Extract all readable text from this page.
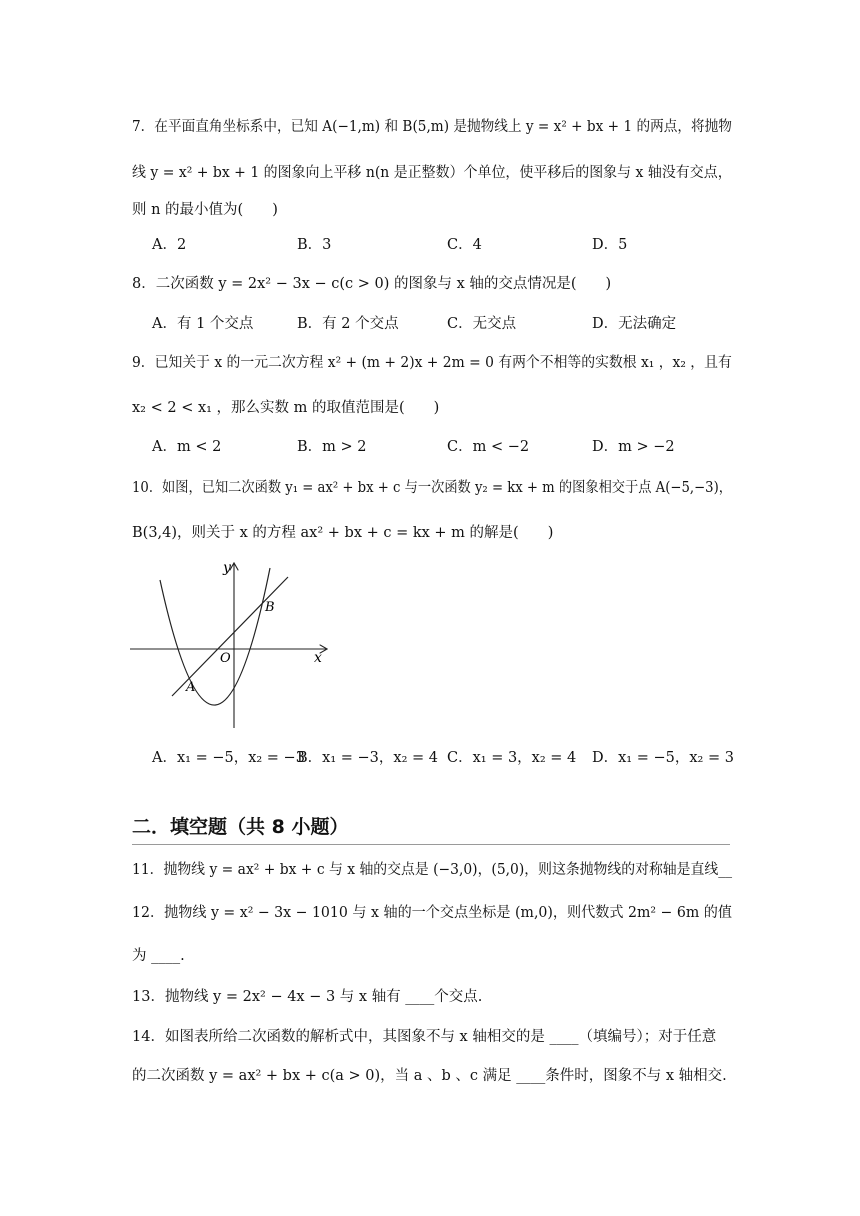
7．在平面直角坐标系中，已知 A(−1,m) 和 B(5,m) 是抛物线上 y = x² + bx + 1 的两点，将抛物
线 y = x² + bx + 1 的图象向上平移 n(n 是正整数）个单位，使平移后的图象与 x 轴没有交点，
则 n 的最小值为(　　)
A．2	B．3	C．4	D．5
8．二次函数 y = 2x² − 3x − c(c > 0) 的图象与 x 轴的交点情况是(　　)
A．有 1 个交点	B．有 2 个交点	C．无交点	D．无法确定
9．已知关于 x 的一元二次方程 x² + (m + 2)x + 2m = 0 有两个不相等的实数根 x₁ ，x₂ ，且有
x₂ < 2 < x₁ ，那么实数 m 的取值范围是(　　)
A．m < 2	B．m > 2	C．m < −2	D．m > −2
10．如图，已知二次函数 y₁ = ax² + bx + c 与一次函数 y₂ = kx + m 的图象相交于点 A(−5,−3)，
B(3,4)，则关于 x 的方程 ax² + bx + c = kx + m 的解是(　　)
y
x
O
A
B
A．x₁ = −5，x₂ = −3
B．x₁ = −3，x₂ = 4 C．x₁ = 3，x₂ = 4 D．x₁ = −5，x₂ = 3
二．填空题（共 8 小题）
11．抛物线 y = ax² + bx + c 与 x 轴的交点是 (−3,0)，(5,0)，则这条抛物线的对称轴是直线__
12．抛物线 y = x² − 3x − 1010 与 x 轴的一个交点坐标是 (m,0)，则代数式 2m² − 6m 的值
为 ____.
13．抛物线 y = 2x² − 4x − 3 与 x 轴有 ____个交点.
14．如图表所给二次函数的解析式中，其图象不与 x 轴相交的是 ____（填编号）；对于任意
的二次函数 y = ax² + bx + c(a > 0)，当 a 、b 、c 满足 ____条件时，图象不与 x 轴相交.
